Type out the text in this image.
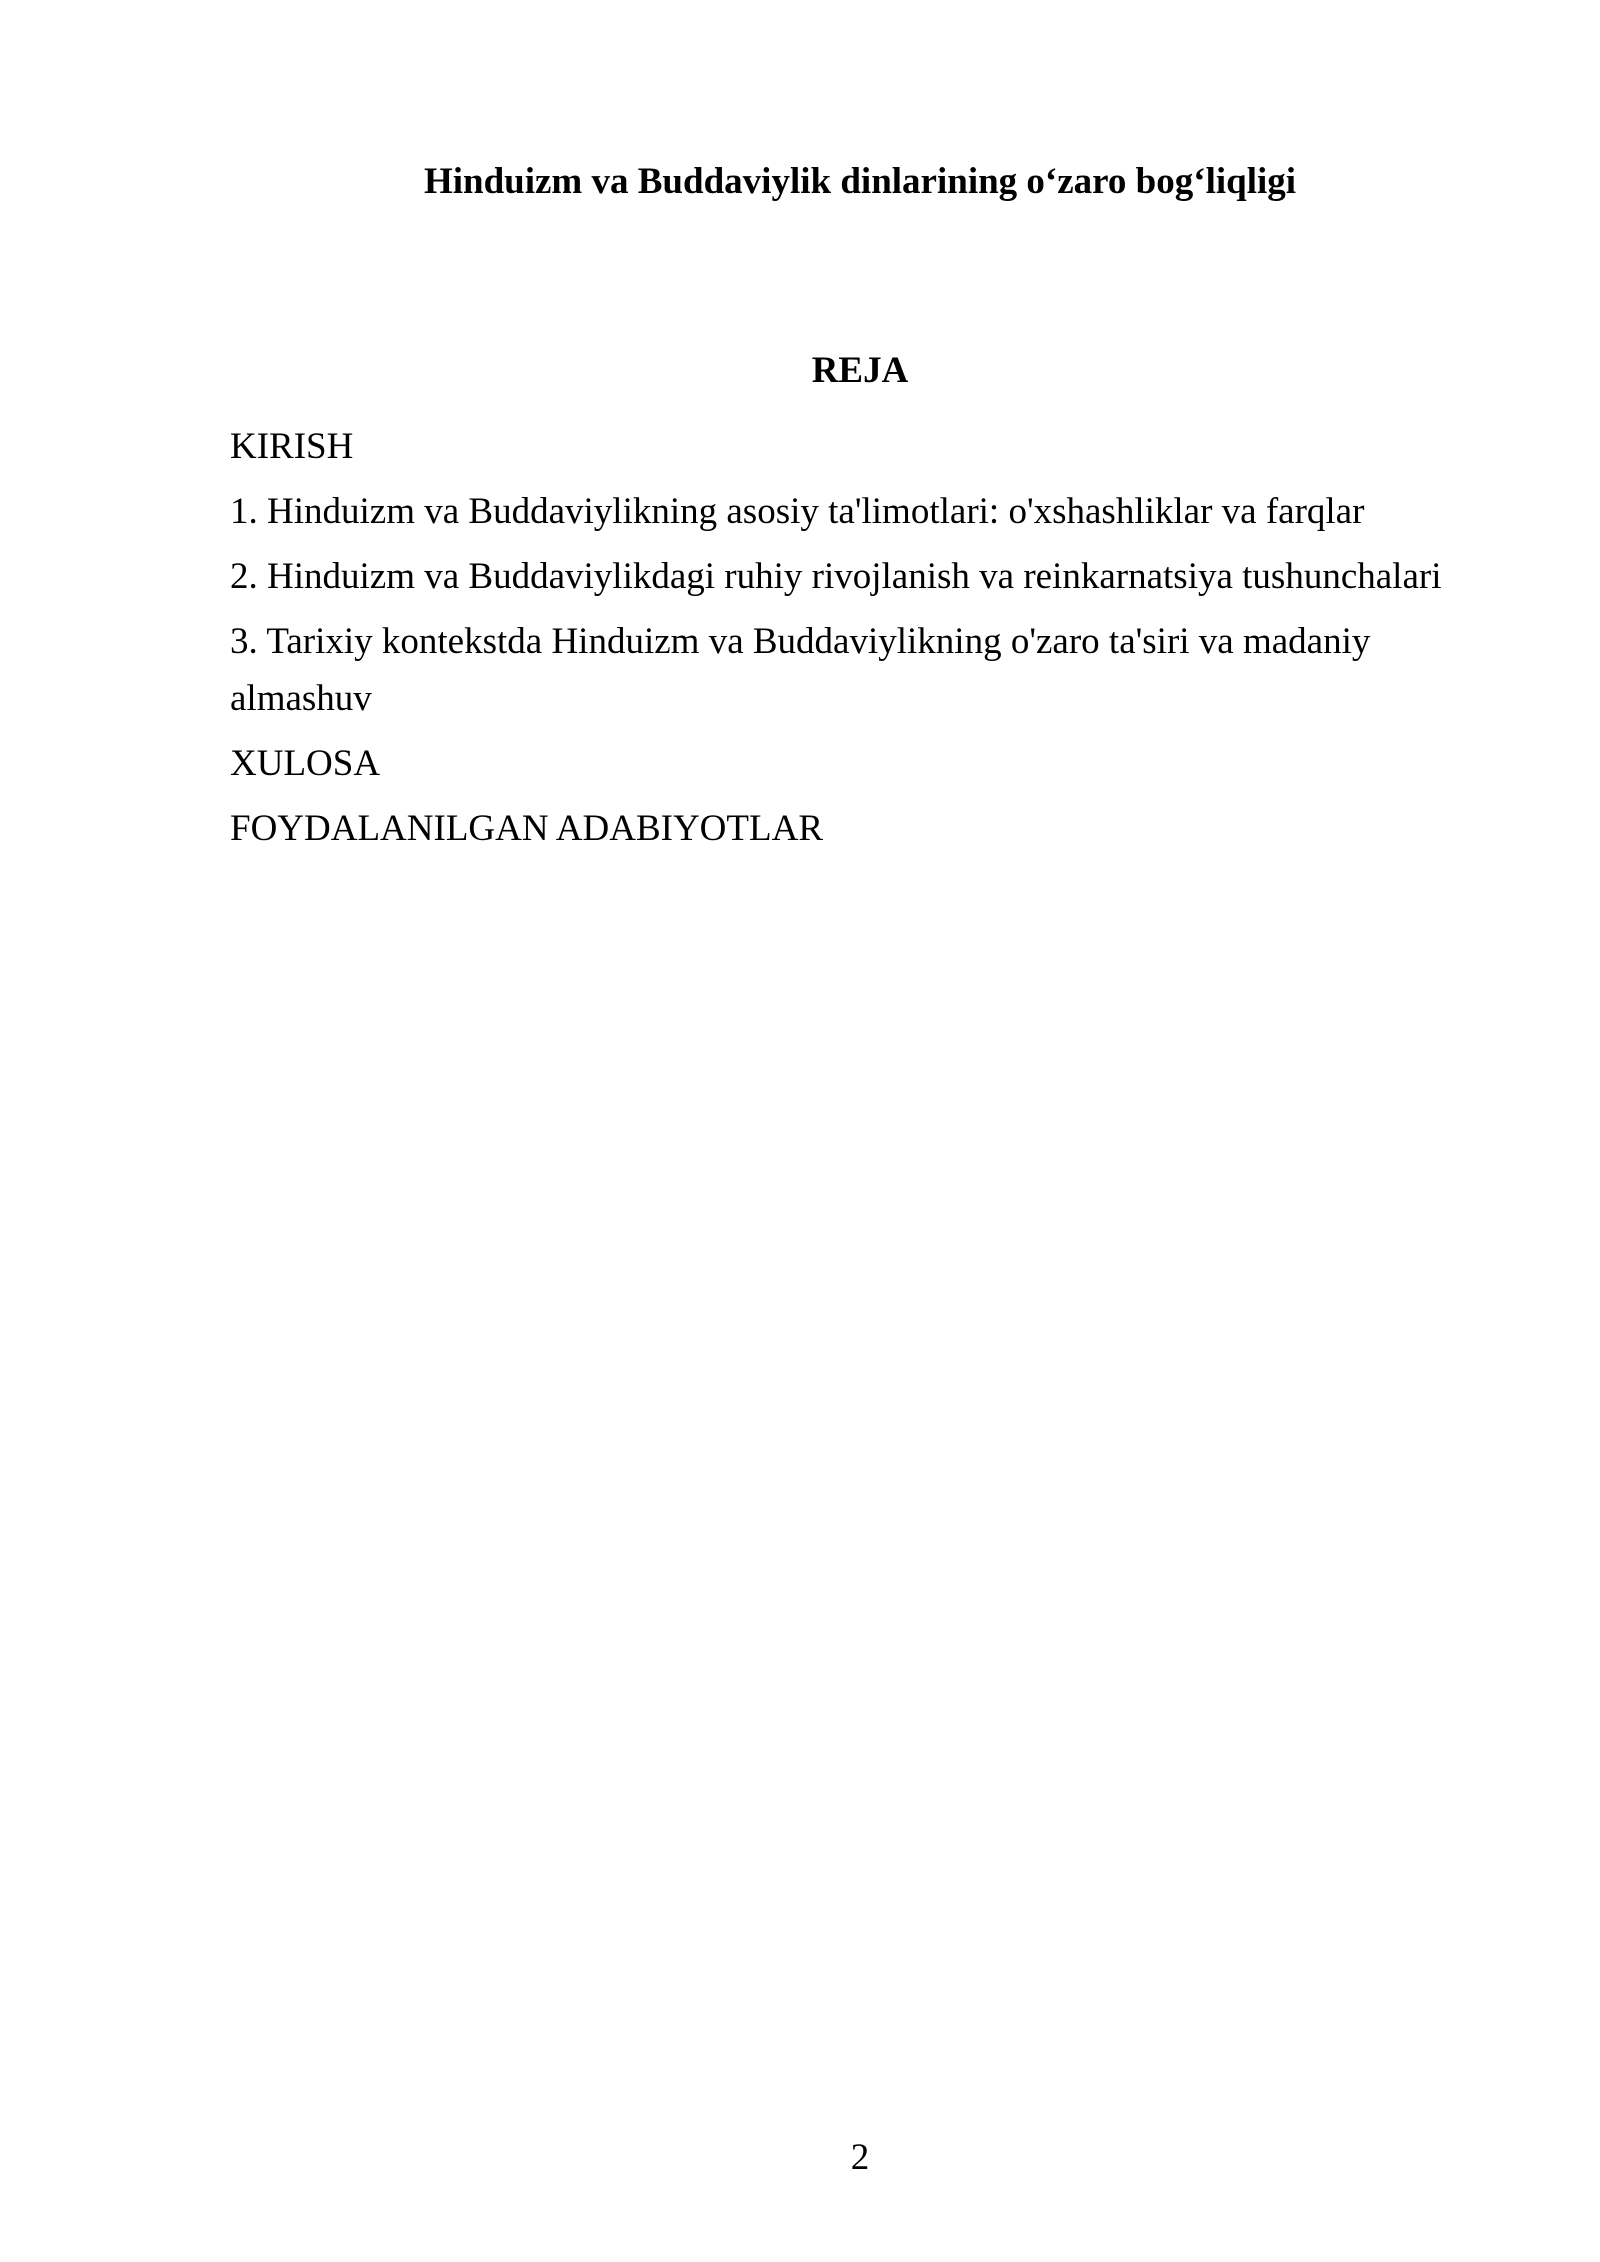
Hinduizm va Buddaviylik dinlarining o‘zaro bog‘liqligi
REJA
KIRISH
1. Hinduizm va Buddaviylikning asosiy ta'limotlari: o'xshashliklar va farqlar
2. Hinduizm va Buddaviylikdagi ruhiy rivojlanish va reinkarnatsiya tushunchalari
3. Tarixiy kontekstda Hinduizm va Buddaviylikning o'zaro ta'siri va madaniy almashuv
XULOSA
FOYDALANILGAN ADABIYOTLAR
2
